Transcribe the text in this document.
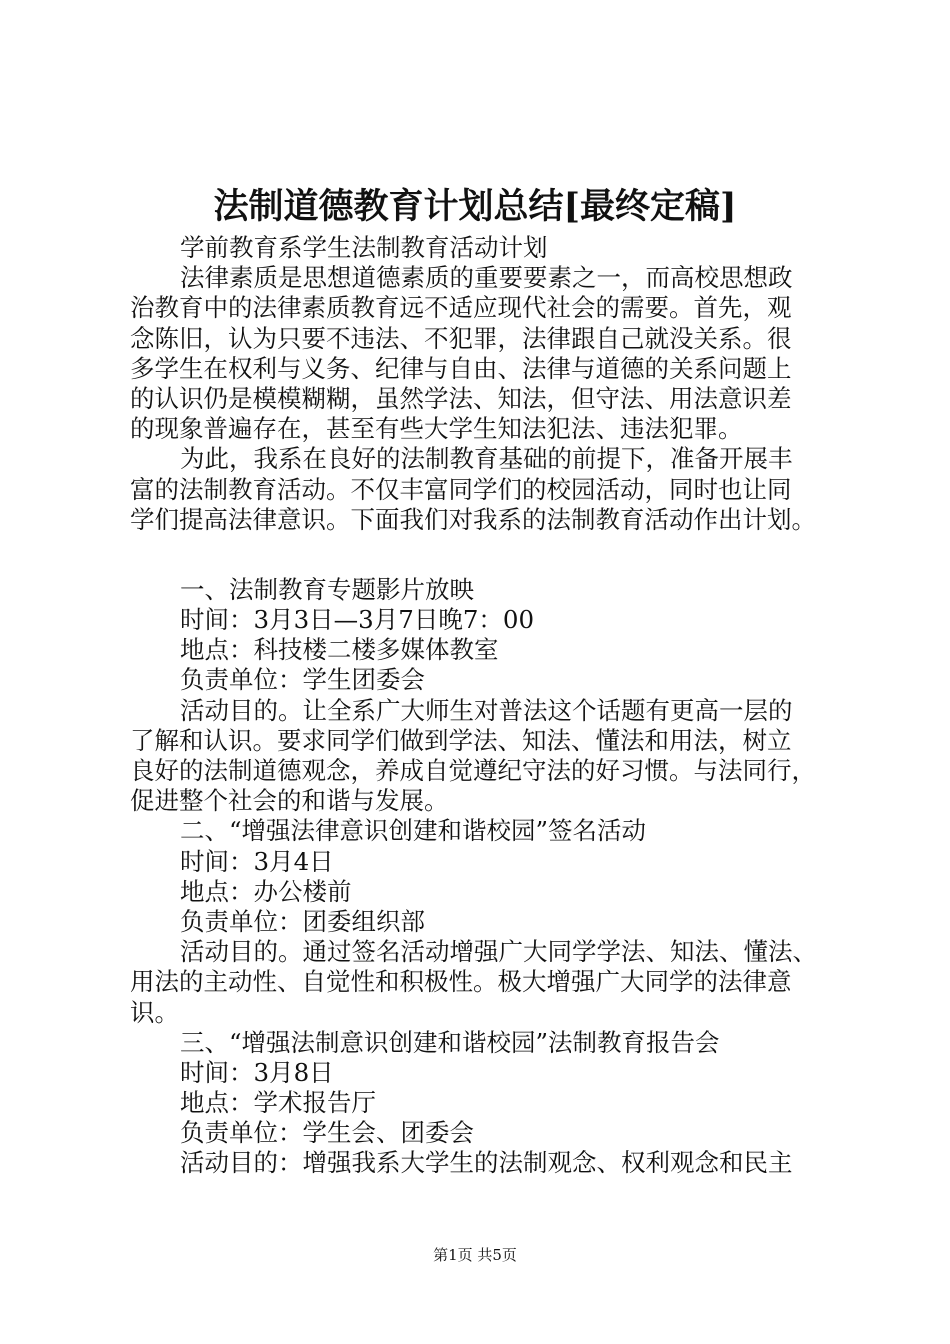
法制道德教育计划总结[最终定稿]
学前教育系学生法制教育活动计划
法律素质是思想道德素质的重要要素之一，而高校思想政
治教育中的法律素质教育远不适应现代社会的需要。首先，观
念陈旧，认为只要不违法、不犯罪，法律跟自己就没关系。很
多学生在权利与义务、纪律与自由、法律与道德的关系问题上
的认识仍是模模糊糊，虽然学法、知法，但守法、用法意识差
的现象普遍存在，甚至有些大学生知法犯法、违法犯罪。
为此，我系在良好的法制教育基础的前提下，准备开展丰
富的法制教育活动。不仅丰富同学们的校园活动，同时也让同
学们提高法律意识。下面我们对我系的法制教育活动作出计划。
一、法制教育专题影片放映
时间：3月3日—3月7日晚7：00
地点：科技楼二楼多媒体教室
负责单位：学生团委会
活动目的。让全系广大师生对普法这个话题有更高一层的
了解和认识。要求同学们做到学法、知法、懂法和用法，树立
良好的法制道德观念，养成自觉遵纪守法的好习惯。与法同行，
促进整个社会的和谐与发展。
二、“增强法律意识创建和谐校园”签名活动
时间：3月4日
地点：办公楼前
负责单位：团委组织部
活动目的。通过签名活动增强广大同学学法、知法、懂法、
用法的主动性、自觉性和积极性。极大增强广大同学的法律意
识。
三、“增强法制意识创建和谐校园”法制教育报告会
时间：3月8日
地点：学术报告厅
负责单位：学生会、团委会
活动目的：增强我系大学生的法制观念、权利观念和民主
第1页 共5页
